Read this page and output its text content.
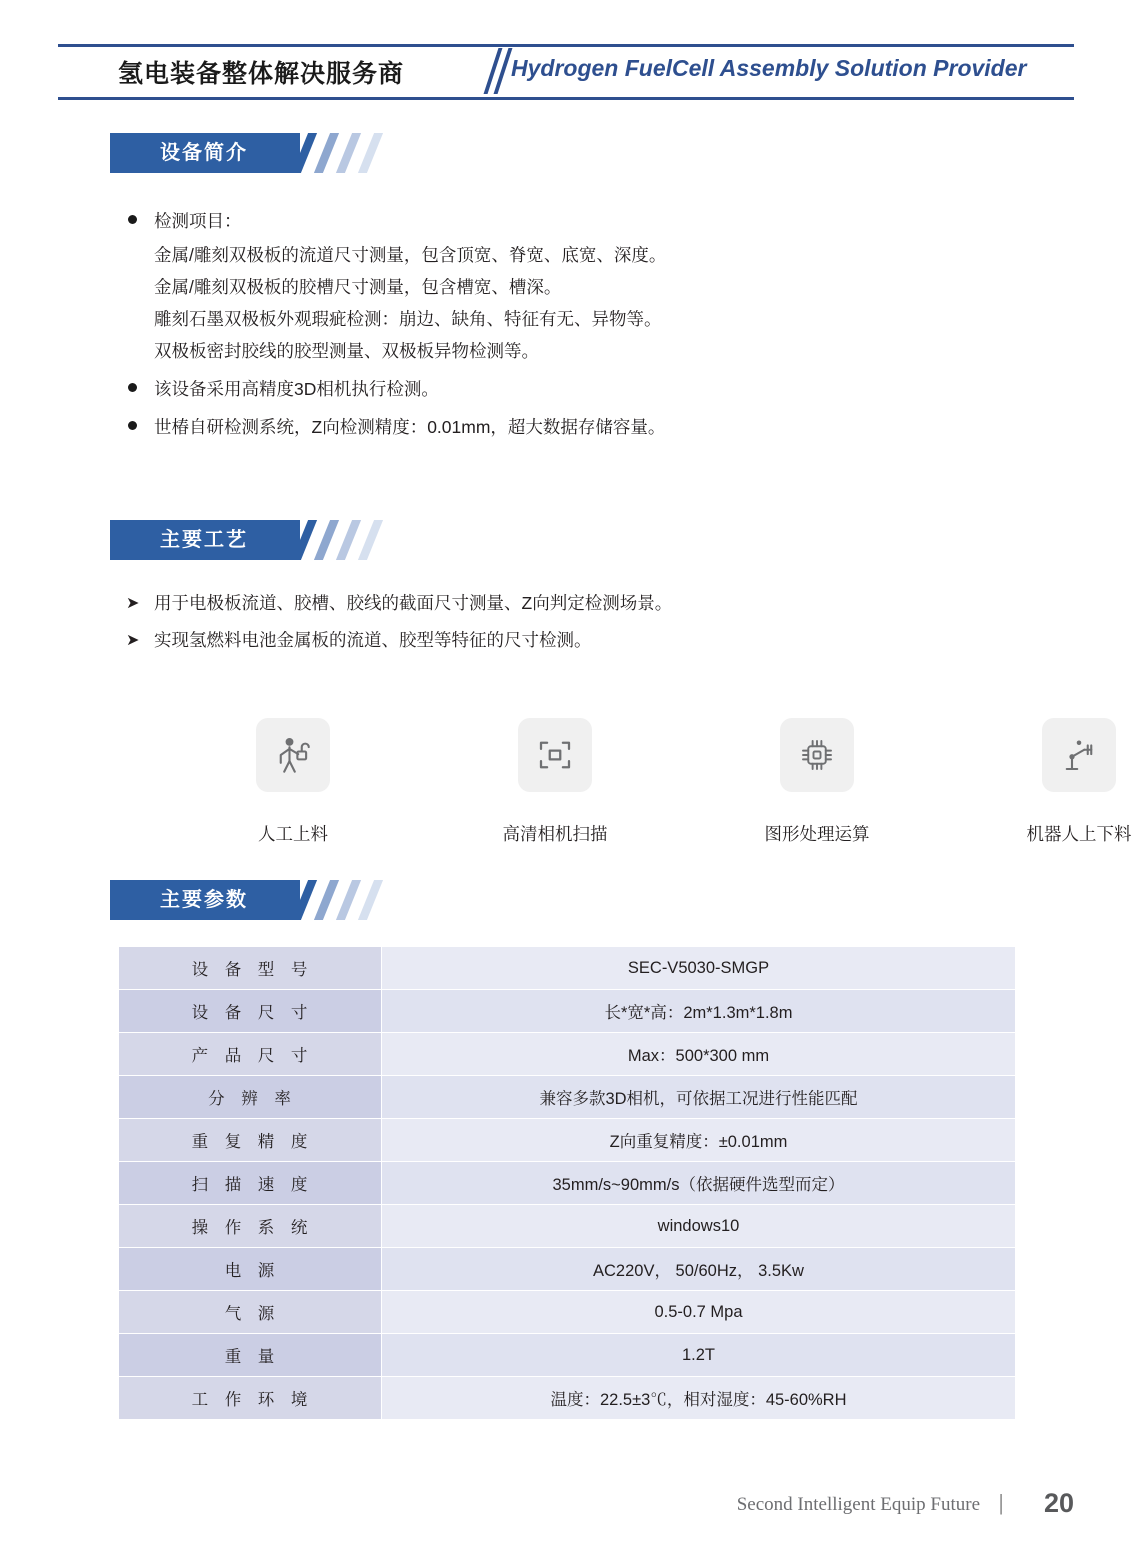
氢电装备整体解决服务商	Hydrogen FuelCell Assembly Solution Provider
设备简介
检测项目：
金属/雕刻双极板的流道尺寸测量，包含顶宽、脊宽、底宽、深度。
金属/雕刻双极板的胶槽尺寸测量，包含槽宽、槽深。
雕刻石墨双极板外观瑕疵检测：崩边、缺角、特征有无、异物等。
双极板密封胶线的胶型测量、双极板异物检测等。
该设备采用高精度3D相机执行检测。
世椿自研检测系统，Z向检测精度：0.01mm，超大数据存储容量。
主要工艺
➤ 用于电极板流道、胶槽、胶线的截面尺寸测量、Z向判定检测场景。
➤ 实现氢燃料电池金属板的流道、胶型等特征的尺寸检测。
人工上料	高清相机扫描	图形处理运算	机器人上下料
主要参数
设 备 型 号	SEC-V5030-SMGP
设 备 尺 寸	长*宽*高：2m*1.3m*1.8m
产 品 尺 寸	Max：500*300 mm
分 辨 率	兼容多款3D相机，可依据工况进行性能匹配
重 复 精 度	Z向重复精度：±0.01mm
扫 描 速 度	35mm/s~90mm/s（依据硬件选型而定）
操 作 系 统	windows10
电 源	AC220V， 50/60Hz， 3.5Kw
气 源	0.5-0.7 Mpa
重 量	1.2T
工 作 环 境	温度：22.5±3℃，相对湿度：45-60%RH
Second Intelligent Equip Future | 20
